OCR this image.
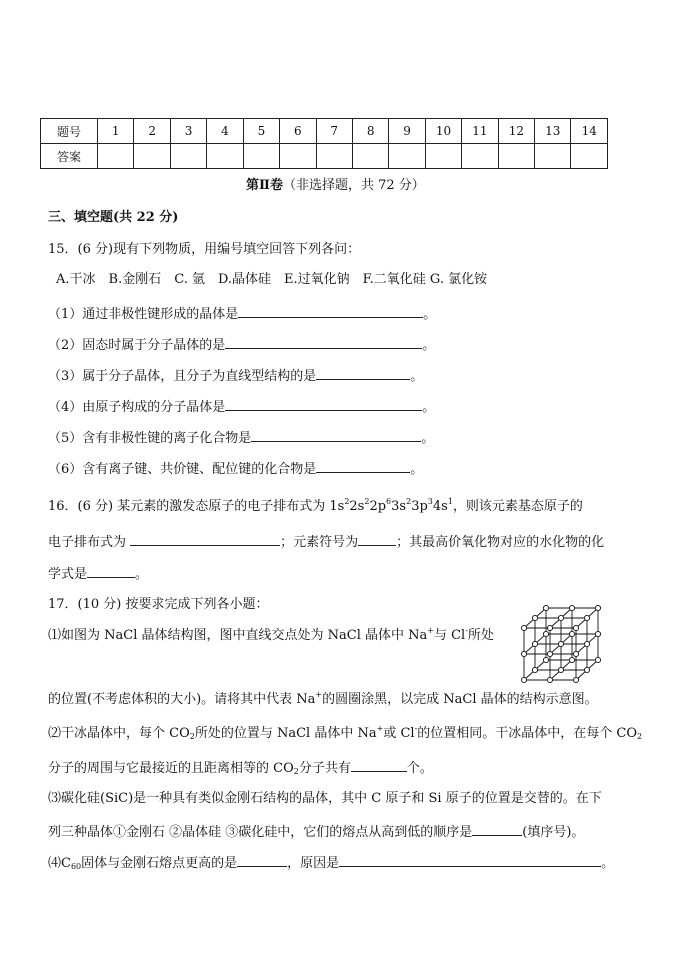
题号	1	2	3	4	5	6	7	8	9	10	11	12	13	14
答案														
第Ⅱ卷（非选择题，共 72 分）
三、填空题(共 22 分)
15．(6 分)现有下列物质，用编号填空回答下列各问：
A.干冰　B.金刚石　C. 氩　D.晶体硅　E.过氧化钠　F.二氧化硅 G. 氯化铵
（1）通过非极性键形成的晶体是	。
（2）固态时属于分子晶体的是	。
（3）属于分子晶体，且分子为直线型结构的是	。
（4）由原子构成的分子晶体是	。
（5）含有非极性键的离子化合物是	。
（6）含有离子键、共价键、配位键的化合物是	。
16．(6 分) 某元素的激发态原子的电子排布式为 $1s^22s^22p^63s^23p^34s^1$，则该元素基态原子的
电子排布式为	；元素符号为	；其最高价氧化物对应的水化物的化
学式是	。
17．(10 分) 按要求完成下列各小题：
⑴如图为 NaCl 晶体结构图，图中直线交点处为 NaCl 晶体中 Na+与 Cl-所处
的位置(不考虑体积的大小)。请将其中代表 Na+的圆圈涂黑，以完成 NaCl 晶体的结构示意图。
⑵干冰晶体中，每个 $CO_2$所处的位置与 NaCl 晶体中 Na+或 Cl-的位置相同。干冰晶体中，在每个 $CO_2$
分子的周围与它最接近的且距离相等的 $CO_2$分子共有	个。
⑶碳化硅(SiC)是一种具有类似金刚石结构的晶体，其中 C 原子和 Si 原子的位置是交替的。在下
列三种晶体①金刚石 ②晶体硅 ③碳化硅中，它们的熔点从高到低的顺序是	(填序号)。
$⑷C_{60}$固体与金刚石熔点更高的是	，原因是	。
